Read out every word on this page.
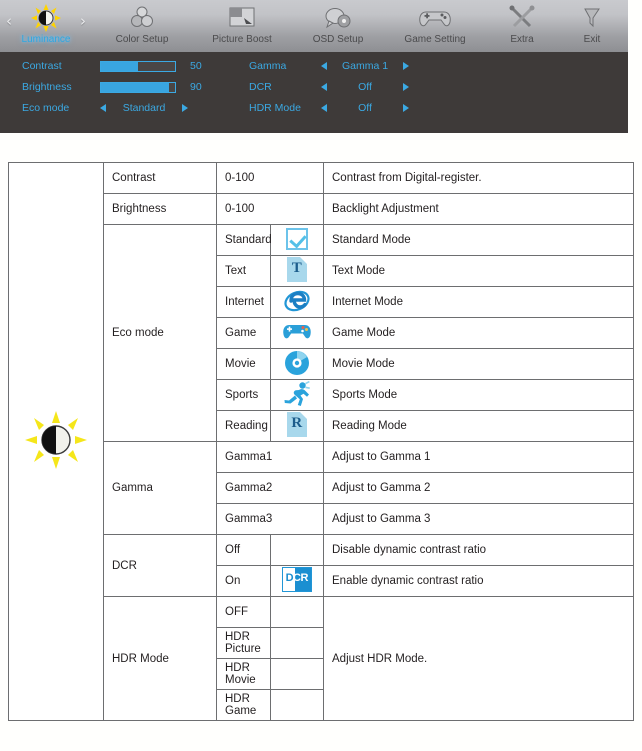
‹	›
Luminance	Color Setup	Picture Boost	OSD Setup	Game Setting	Extra	Exit
Contrast	50
Brightness	90
Eco mode	Standard
Gamma	Gamma 1
DCR	Off
HDR Mode	Off
	Contrast	0-100		Contrast from Digital-register.
	Brightness	0-100		Backlight Adjustment
	Eco mode	Standard		Standard Mode
		Text	T	Text Mode
		Internet		Internet Mode
		Game		Game Mode
		Movie		Movie Mode
		Sports		Sports Mode
		Reading	R	Reading Mode
	Gamma	Gamma1		Adjust to Gamma 1
		Gamma2		Adjust to Gamma 2
		Gamma3		Adjust to Gamma 3
	DCR	Off		Disable dynamic contrast ratio
		On	DCR	Enable dynamic contrast ratio
	HDR Mode	OFF		Adjust HDR Mode.
		HDR Picture		
		HDR Movie		
		HDR Game		
